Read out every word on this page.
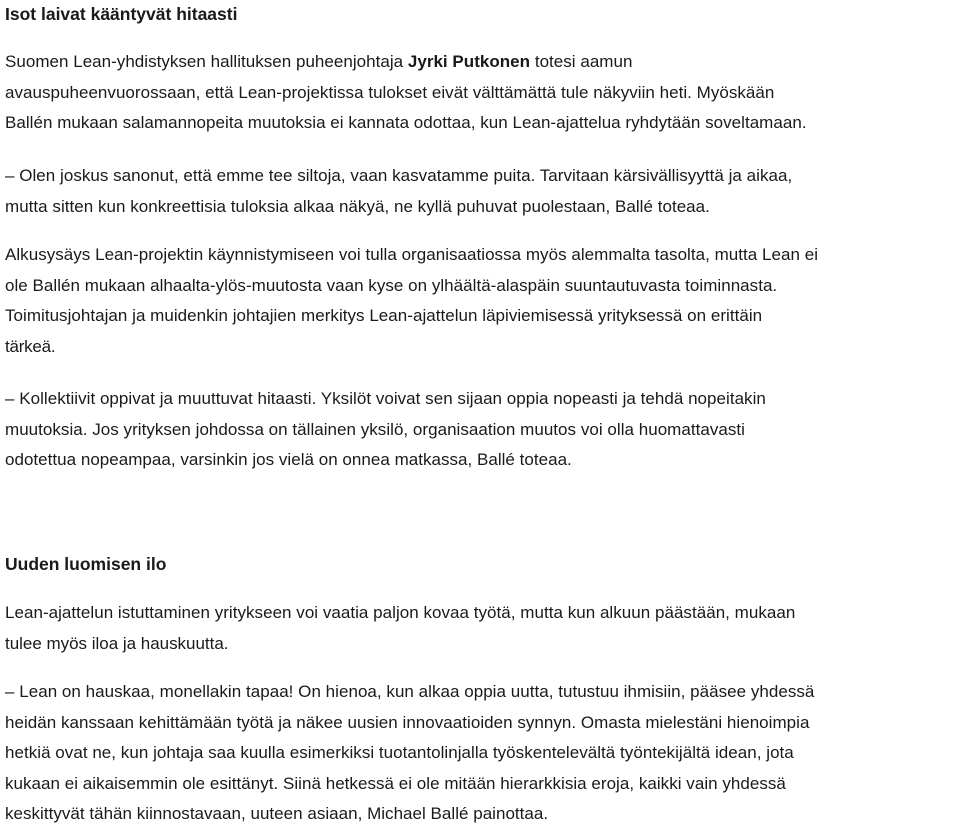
Isot laivat kääntyvät hitaasti
Suomen Lean-yhdistyksen hallituksen puheenjohtaja Jyrki Putkonen totesi aamun
avauspuheenvuorossaan, että Lean-projektissa tulokset eivät välttämättä tule näkyviin heti. Myöskään
Ballén mukaan salamannopeita muutoksia ei kannata odottaa, kun Lean-ajattelua ryhdytään soveltamaan.
– Olen joskus sanonut, että emme tee siltoja, vaan kasvatamme puita. Tarvitaan kärsivällisyyttä ja aikaa,
mutta sitten kun konkreettisia tuloksia alkaa näkyä, ne kyllä puhuvat puolestaan, Ballé toteaa.
Alkusysäys Lean-projektin käynnistymiseen voi tulla organisaatiossa myös alemmalta tasolta, mutta Lean ei
ole Ballén mukaan alhaalta-ylös-muutosta vaan kyse on ylhäältä-alaspäin suuntautuvasta toiminnasta.
Toimitusjohtajan ja muidenkin johtajien merkitys Lean-ajattelun läpiviemisessä yrityksessä on erittäin
tärkeä.
– Kollektiivit oppivat ja muuttuvat hitaasti. Yksilöt voivat sen sijaan oppia nopeasti ja tehdä nopeitakin
muutoksia. Jos yrityksen johdossa on tällainen yksilö, organisaation muutos voi olla huomattavasti
odotettua nopeampaa, varsinkin jos vielä on onnea matkassa, Ballé toteaa.
Uuden luomisen ilo
Lean-ajattelun istuttaminen yritykseen voi vaatia paljon kovaa työtä, mutta kun alkuun päästään, mukaan
tulee myös iloa ja hauskuutta.
– Lean on hauskaa, monellakin tapaa! On hienoa, kun alkaa oppia uutta, tutustuu ihmisiin, pääsee yhdessä
heidän kanssaan kehittämään työtä ja näkee uusien innovaatioiden synnyn. Omasta mielestäni hienoimpia
hetkiä ovat ne, kun johtaja saa kuulla esimerkiksi tuotantolinjalla työskentelevältä työntekijältä idean, jota
kukaan ei aikaisemmin ole esittänyt. Siinä hetkessä ei ole mitään hierarkkisia eroja, kaikki vain yhdessä
keskittyvät tähän kiinnostavaan, uuteen asiaan, Michael Ballé painottaa.
